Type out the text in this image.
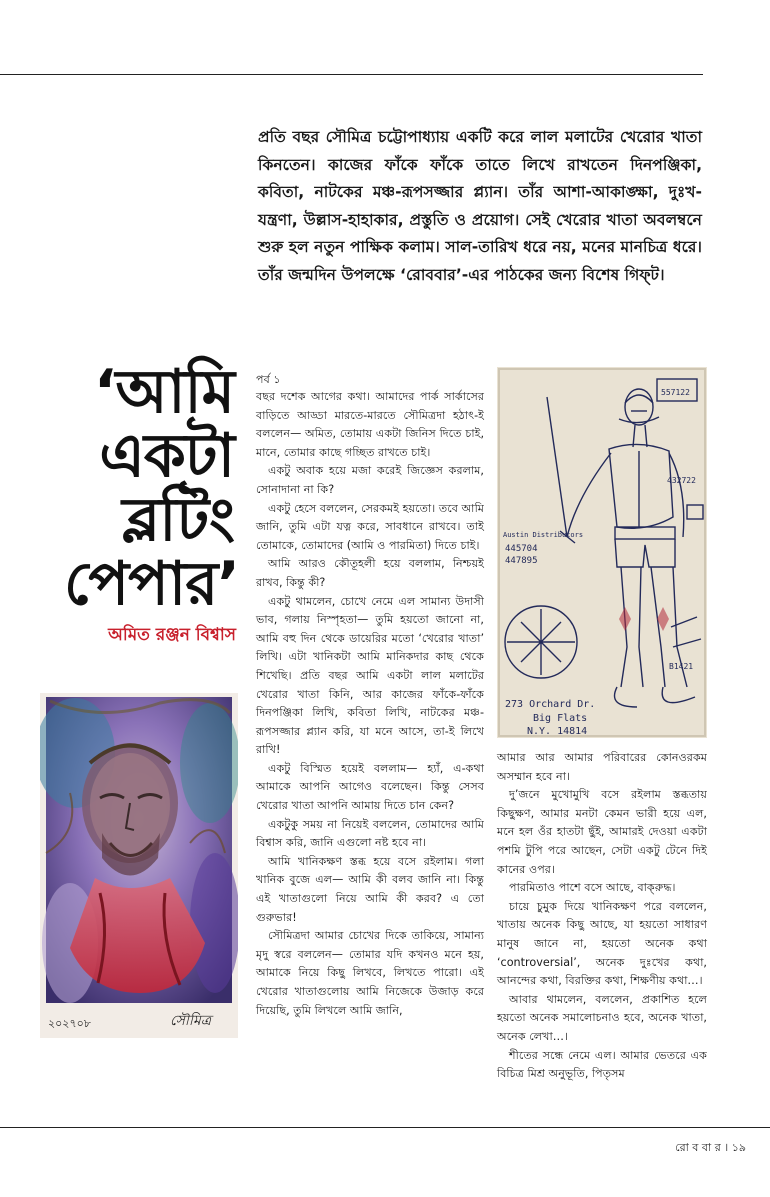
প্রতি বছর সৌমিত্র চট্টোপাধ্যায় একটি করে লাল মলাটের খেরোর খাতা কিনতেন। কাজের ফাঁকে ফাঁকে তাতে লিখে রাখতেন দিনপঞ্জিকা, কবিতা, নাটকের মঞ্চ-রূপসজ্জার প্ল্যান। তাঁর আশা-আকাঙ্ক্ষা, দুঃখ-যন্ত্রণা, উল্লাস-হাহাকার, প্রস্তুতি ও প্রয়োগ। সেই খেরোর খাতা অবলম্বনে শুরু হল নতুন পাক্ষিক কলাম। সাল-তারিখ ধরে নয়, মনের মানচিত্র ধরে। তাঁর জন্মদিন উপলক্ষে ‘রোববার’-এর পাঠকের জন্য বিশেষ গিফ্‌ট।

‘আমি
একটা
ব্লটিং
পেপার’
অমিত রঞ্জন বিশ্বাস
২০২৭০৮	সৌমিত্র

পর্ব ১

বছর দশেক আগের কথা। আমাদের পার্ক সার্কাসের বাড়িতে আড্ডা মারতে-মারতে সৌমিত্রদা হঠাৎ-ই বললেন— অমিত, তোমায় একটা জিনিস দিতে চাই, মানে, তোমার কাছে গচ্ছিত রাখতে চাই।

একটু অবাক হয়ে মজা করেই জিজ্ঞেস করলাম, সোনাদানা না কি?

একটু হেসে বললেন, সেরকমই হয়তো। তবে আমি জানি, তুমি এটা যত্ন করে, সাবধানে রাখবে। তাই তোমাকে, তোমাদের (আমি ও পারমিতা) দিতে চাই।

আমি আরও কৌতূহলী হয়ে বললাম, নিশ্চয়ই রাখব, কিন্তু কী?

একটু থামলেন, চোখে নেমে এল সামান্য উদাসী ভাব, গলায় নিস্পৃহতা— তুমি হয়তো জানো না, আমি বহু দিন থেকে ডায়েরির মতো ‘খেরোর খাতা’ লিখি। এটা খানিকটা আমি মানিকদার কাছ থেকে শিখেছি। প্রতি বছর আমি একটা লাল মলাটের খেরোর খাতা কিনি, আর কাজের ফাঁকে-ফাঁকে দিনপঞ্জিকা লিখি, কবিতা লিখি, নাটকের মঞ্চ-রূপসজ্জার প্ল্যান করি, যা মনে আসে, তা-ই লিখে রাখি!

একটু বিস্মিত হয়েই বললাম— হ্যাঁ, এ-কথা আমাকে আপনি আগেও বলেছেন। কিন্তু সেসব খেরোর খাতা আপনি আমায় দিতে চান কেন?

একটুকু সময় না নিয়েই বললেন, তোমাদের আমি বিশ্বাস করি, জানি এগুলো নষ্ট হবে না।

আমি খানিকক্ষণ স্তব্ধ হয়ে বসে রইলাম। গলা খানিক বুজে এল— আমি কী বলব জানি না। কিন্তু এই খাতাগুলো নিয়ে আমি কী করব? এ তো গুরুভার!

সৌমিত্রদা আমার চোখের দিকে তাকিয়ে, সামান্য মৃদু স্বরে বললেন— তোমার যদি কখনও মনে হয়, আমাকে নিয়ে কিছু লিখবে, লিখতে পারো। এই খেরোর খাতাগুলোয় আমি নিজেকে উজাড় করে দিয়েছি, তুমি লিখলে আমি জানি,

273 Orchard Dr.
Big Flats
N.Y. 14814
Austin Distributors
445704
447895
557122
432722
B1421

আমার আর আমার পরিবারের কোনওরকম অসম্মান হবে না।

দু’জনে মুখোমুখি বসে রইলাম স্তব্ধতায় কিছুক্ষণ, আমার মনটা কেমন ভারী হয়ে এল, মনে হল ওঁর হাতটা ছুঁই, আমারই দেওয়া একটা পশমি টুপি পরে আছেন, সেটা একটু টেনে দিই কানের ওপর।

পারমিতাও পাশে বসে আছে, বাক্‌রুদ্ধ।

চায়ে চুমুক দিয়ে খানিকক্ষণ পরে বললেন, খাতায় অনেক কিছু আছে, যা হয়তো সাধারণ মানুষ জানে না, হয়তো অনেক কথা ‘controversial’, অনেক দুঃখের কথা, আনন্দের কথা, বিরক্তির কথা, শিক্ষণীয় কথা…।

আবার থামলেন, বললেন, প্রকাশিত হলে হয়তো অনেক সমালোচনাও হবে, অনেক খাতা, অনেক লেখা…।

শীতের সন্ধে নেমে এল। আমার ভেতরে এক বিচিত্র মিশ্র অনুভূতি, পিতৃসম

রো ব বা র । ১৯
